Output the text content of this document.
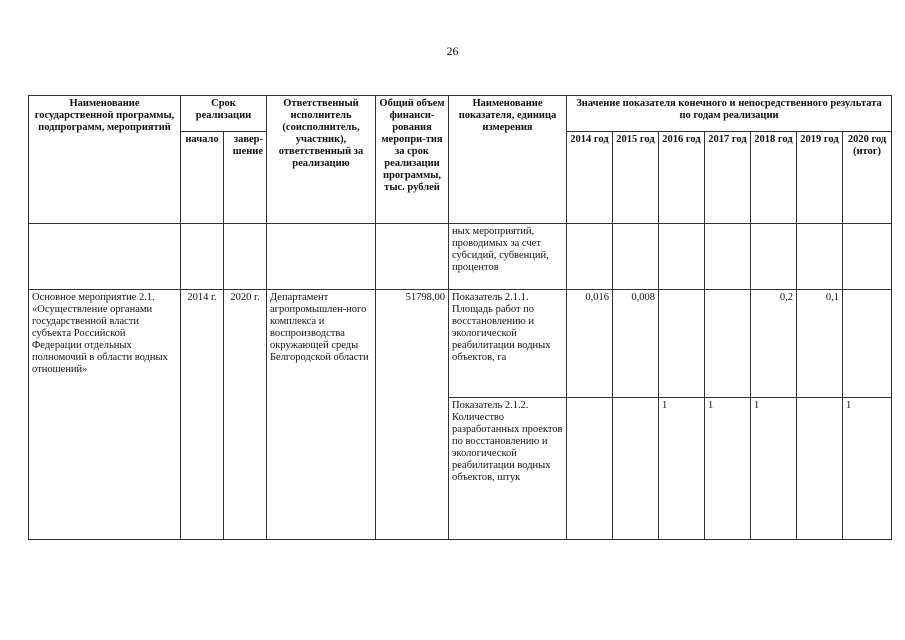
26
Наименование государственной программы, подпрограмм, мероприятий	Срок реализации		Ответственный исполнитель (соисполнитель, участник), ответственный за реализацию	Общий объем финанси-рования меропри-тия за срок реализации программы, тыс. рублей	Наименование показателя, единица измерения	Значение показателя конечного и непосредственного результата по годам реализации						
	начало	завер-шение				2014 год	2015 год	2016 год	2017 год	2018 год	2019 год	2020 год (итог)
					ных мероприятий, проводимых за счет субсидий, субвенций, процентов							
Основное мероприятие 2.1. «Осуществление органами государственной власти субъекта Российской Федерации отдельных полномочий в области водных отношений»	2014 г.	2020 г.	Департамент агропромышлен-ного комплекса и воспроизводства окружающей среды Белгородской области	51798,00	Показатель 2.1.1. Площадь работ по восстановлению и экологической реабилитации водных объектов, га	0,016	0,008			0,2	0,1	
					Показатель 2.1.2. Количество разработанных проектов по восстановлению и экологической реабилитации водных объектов, штук			1	1	1		1
